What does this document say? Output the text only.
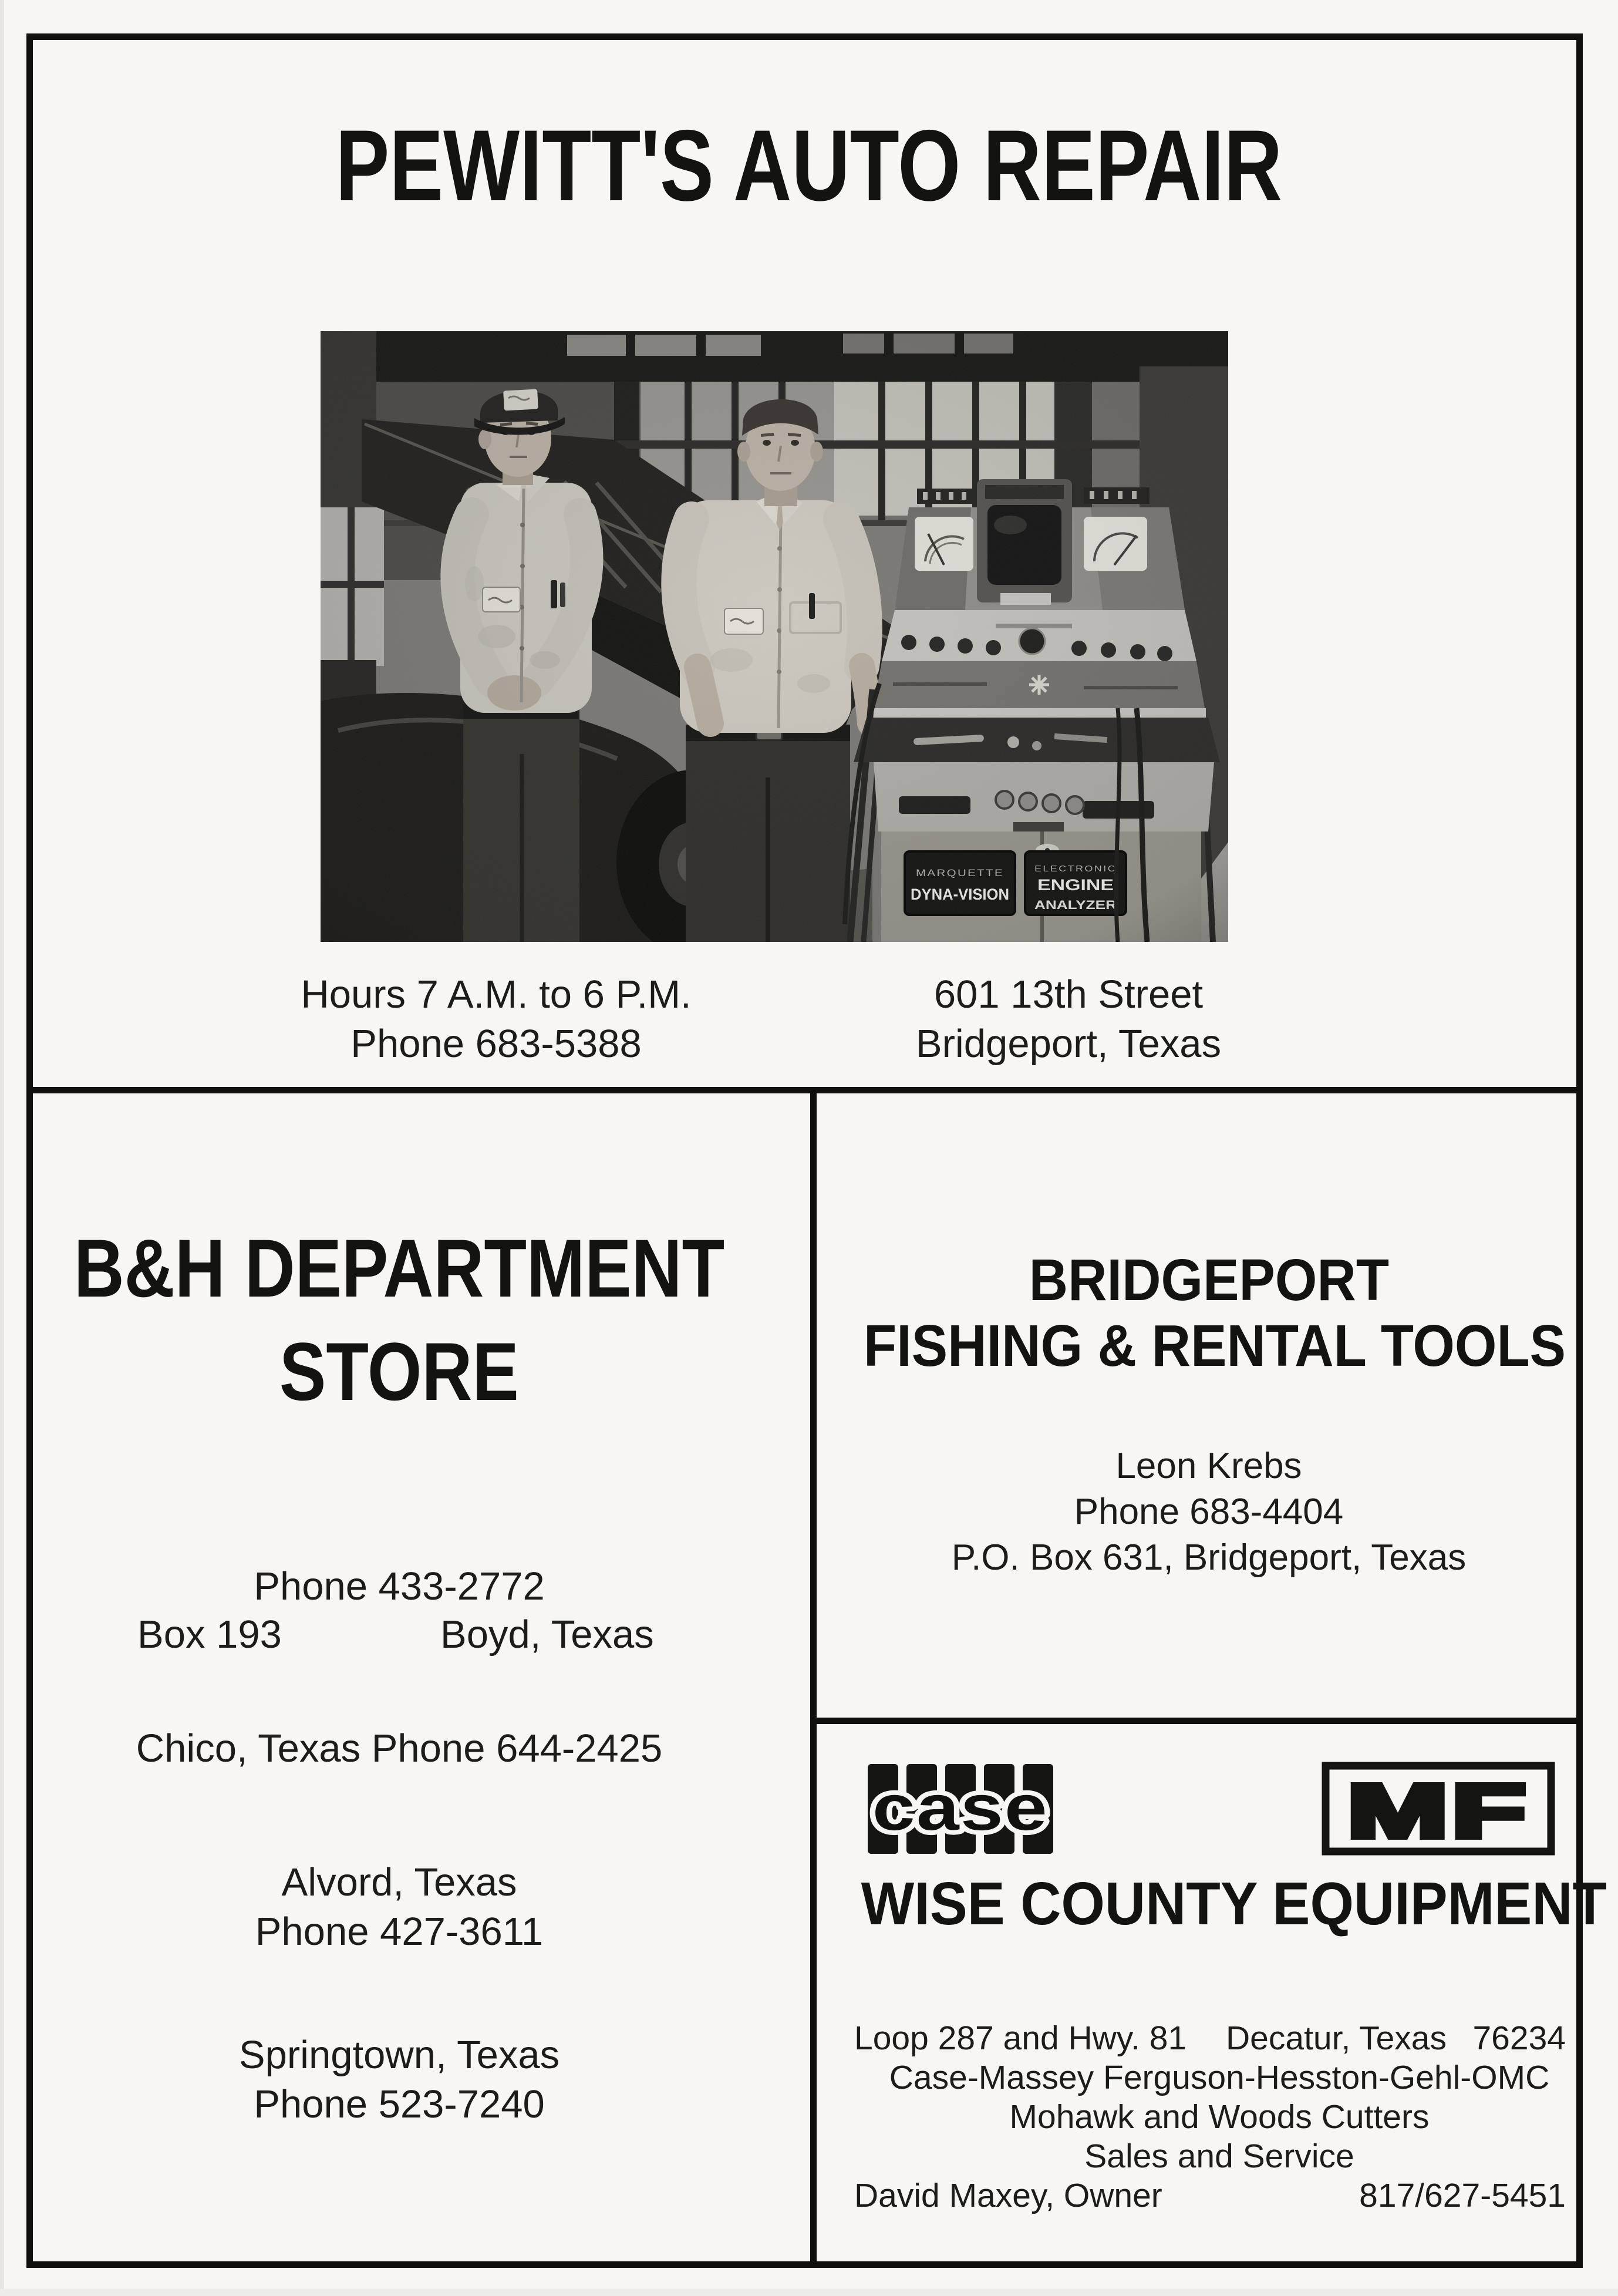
PEWITT'S AUTO REPAIR
Hours 7 A.M. to 6 P.M.
Phone 683-5388
601 13th Street
Bridgeport, Texas
B&H DEPARTMENT
STORE
Phone 433-2772
Box 193	Boyd, Texas
Chico, Texas Phone 644-2425
Alvord, Texas
Phone 427-3611
Springtown, Texas
Phone 523-7240
BRIDGEPORT
FISHING & RENTAL TOOLS
Leon Krebs
Phone 683-4404
P.O. Box 631, Bridgeport, Texas
case	MF
WISE COUNTY EQUIPMENT
Loop 287 and Hwy. 81 Decatur, Texas 76234
Case-Massey Ferguson-Hesston-Gehl-OMC
Mohawk and Woods Cutters
Sales and Service
David Maxey, Owner	817/627-5451
